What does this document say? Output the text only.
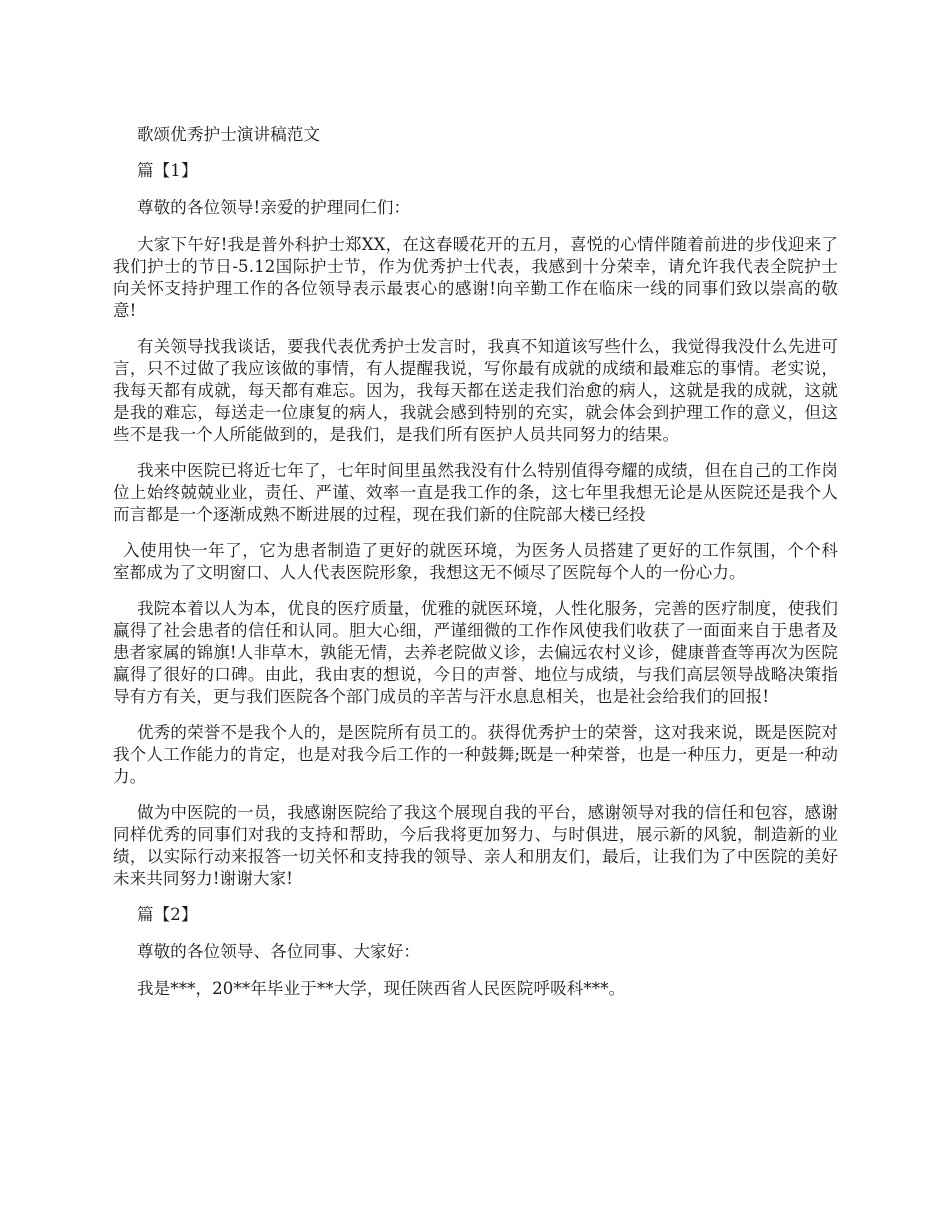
歌颂优秀护士演讲稿范文
篇【1】
尊敬的各位领导!亲爱的护理同仁们：
大家下午好!我是普外科护士郑XX，在这春暖花开的五月，喜悦的心情伴随着前进的步伐迎来了我们护士的节日-5.12国际护士节，作为优秀护士代表，我感到十分荣幸，请允许我代表全院护士向关怀支持护理工作的各位领导表示最衷心的感谢!向辛勤工作在临床一线的同事们致以崇高的敬意!
有关领导找我谈话，要我代表优秀护士发言时，我真不知道该写些什么，我觉得我没什么先进可言，只不过做了我应该做的事情，有人提醒我说，写你最有成就的成绩和最难忘的事情。老实说，我每天都有成就，每天都有难忘。因为，我每天都在送走我们治愈的病人，这就是我的成就，这就是我的难忘，每送走一位康复的病人，我就会感到特别的充实，就会体会到护理工作的意义，但这些不是我一个人所能做到的，是我们，是我们所有医护人员共同努力的结果。
我来中医院已将近七年了，七年时间里虽然我没有什么特别值得夸耀的成绩，但在自己的工作岗位上始终兢兢业业，责任、严谨、效率一直是我工作的条，这七年里我想无论是从医院还是我个人而言都是一个逐渐成熟不断进展的过程，现在我们新的住院部大楼已经投
入使用快一年了，它为患者制造了更好的就医环境，为医务人员搭建了更好的工作氛围，个个科室都成为了文明窗口、人人代表医院形象，我想这无不倾尽了医院每个人的一份心力。
我院本着以人为本，优良的医疗质量，优雅的就医环境，人性化服务，完善的医疗制度，使我们赢得了社会患者的信任和认同。胆大心细，严谨细微的工作作风使我们收获了一面面来自于患者及患者家属的锦旗!人非草木，孰能无情，去养老院做义诊，去偏远农村义诊，健康普查等再次为医院赢得了很好的口碑。由此，我由衷的想说，今日的声誉、地位与成绩，与我们高层领导战略决策指导有方有关，更与我们医院各个部门成员的辛苦与汗水息息相关，也是社会给我们的回报!
优秀的荣誉不是我个人的，是医院所有员工的。获得优秀护士的荣誉，这对我来说，既是医院对我个人工作能力的肯定，也是对我今后工作的一种鼓舞;既是一种荣誉，也是一种压力，更是一种动力。
做为中医院的一员，我感谢医院给了我这个展现自我的平台，感谢领导对我的信任和包容，感谢同样优秀的同事们对我的支持和帮助，今后我将更加努力、与时俱进，展示新的风貌，制造新的业绩，以实际行动来报答一切关怀和支持我的领导、亲人和朋友们，最后，让我们为了中医院的美好未来共同努力!谢谢大家!
篇【2】
尊敬的各位领导、各位同事、大家好：
我是***，20**年毕业于**大学，现任陕西省人民医院呼吸科***。
